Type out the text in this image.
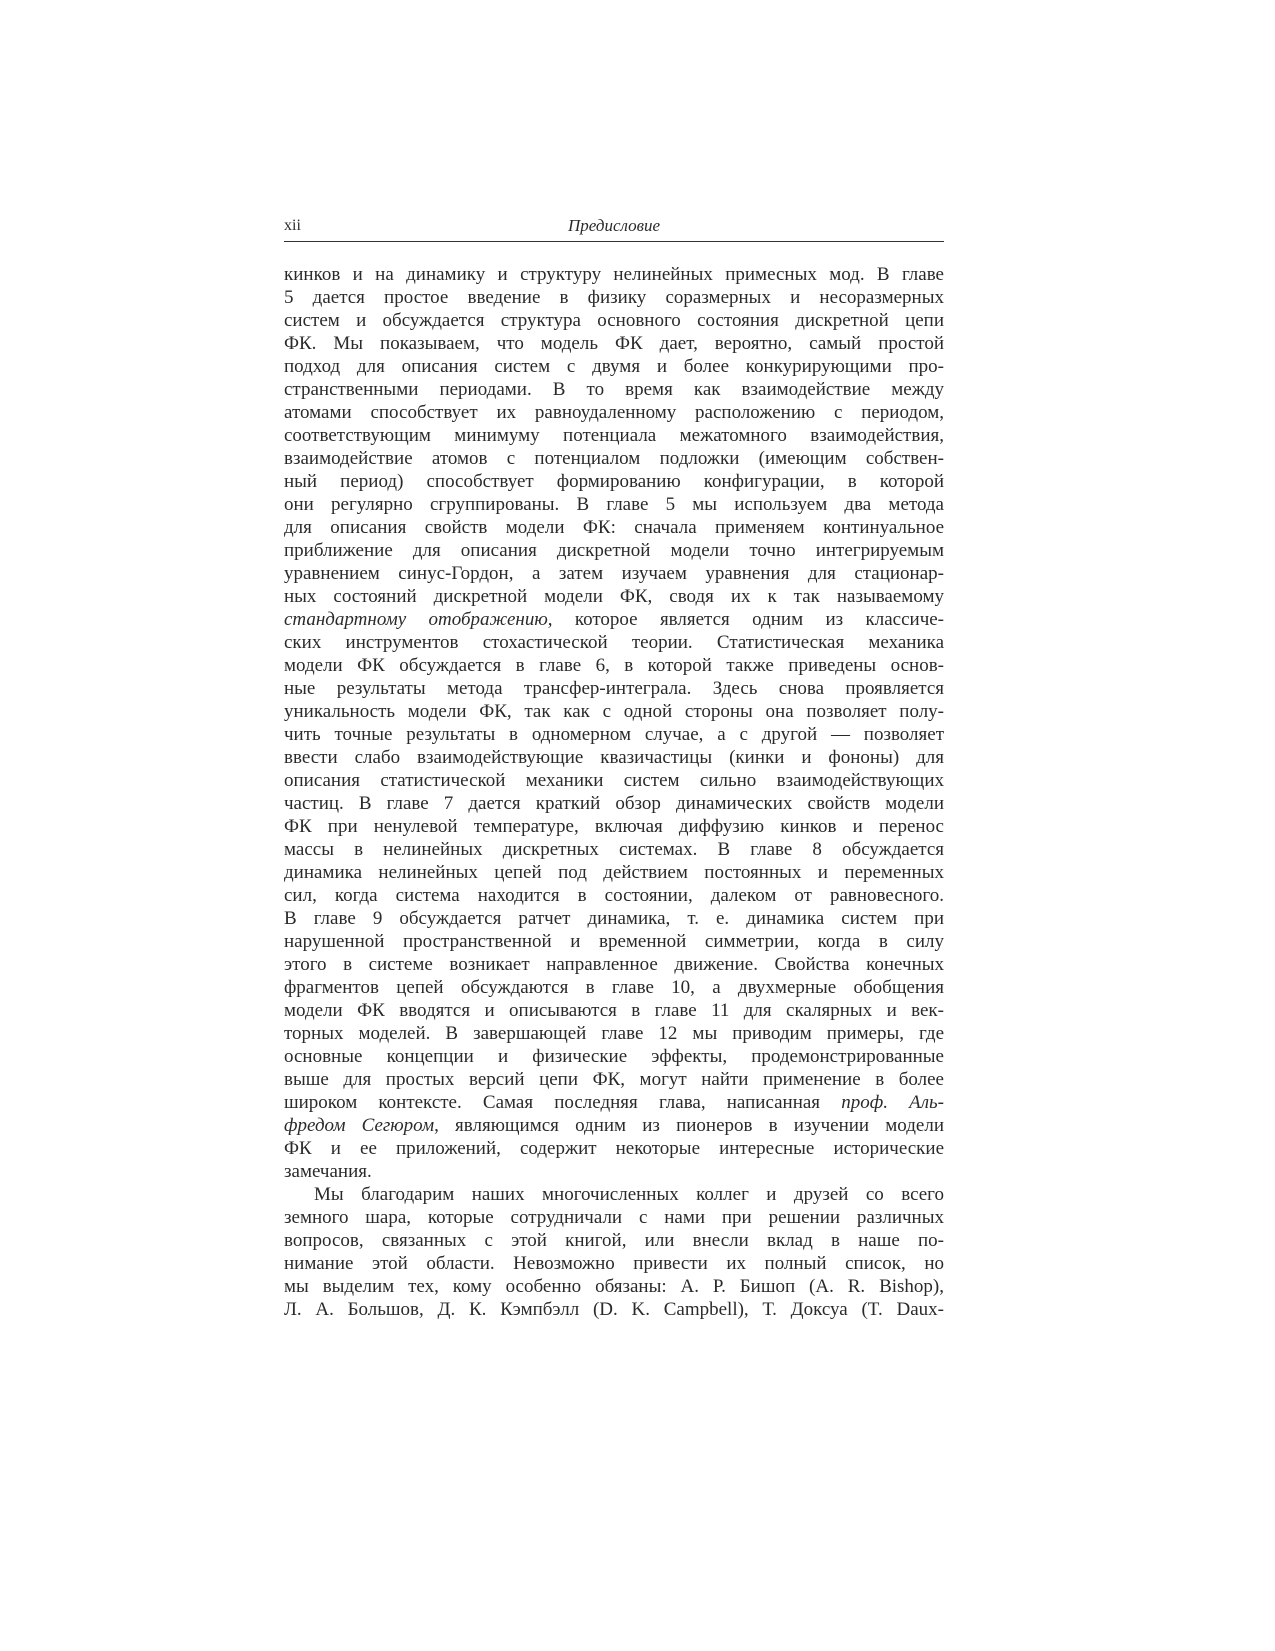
xii	Предисловие
кинков и на динамику и структуру нелинейных примесных мод. В главе
5 дается простое введение в физику соразмерных и несоразмерных
систем и обсуждается структура основного состояния дискретной цепи
ФК. Мы показываем, что модель ФК дает, вероятно, самый простой
подход для описания систем с двумя и более конкурирующими про-
странственными периодами. В то время как взаимодействие между
атомами способствует их равноудаленному расположению с периодом,
соответствующим минимуму потенциала межатомного взаимодействия,
взаимодействие атомов с потенциалом подложки (имеющим собствен-
ный период) способствует формированию конфигурации, в которой
они регулярно сгруппированы. В главе 5 мы используем два метода
для описания свойств модели ФК: сначала применяем континуальное
приближение для описания дискретной модели точно интегрируемым
уравнением синус-Гордон, а затем изучаем уравнения для стационар-
ных состояний дискретной модели ФК, сводя их к так называемому
стандартному отображению, которое является одним из классиче-
ских инструментов стохастической теории. Статистическая механика
модели ФК обсуждается в главе 6, в которой также приведены основ-
ные результаты метода трансфер-интеграла. Здесь снова проявляется
уникальность модели ФК, так как с одной стороны она позволяет полу-
чить точные результаты в одномерном случае, а с другой — позволяет
ввести слабо взаимодействующие квазичастицы (кинки и фононы) для
описания статистической механики систем сильно взаимодействующих
частиц. В главе 7 дается краткий обзор динамических свойств модели
ФК при ненулевой температуре, включая диффузию кинков и перенос
массы в нелинейных дискретных системах. В главе 8 обсуждается
динамика нелинейных цепей под действием постоянных и переменных
сил, когда система находится в состоянии, далеком от равновесного.
В главе 9 обсуждается ратчет динамика, т. е. динамика систем при
нарушенной пространственной и временной симметрии, когда в силу
этого в системе возникает направленное движение. Свойства конечных
фрагментов цепей обсуждаются в главе 10, а двухмерные обобщения
модели ФК вводятся и описываются в главе 11 для скалярных и век-
торных моделей. В завершающей главе 12 мы приводим примеры, где
основные концепции и физические эффекты, продемонстрированные
выше для простых версий цепи ФК, могут найти применение в более
широком контексте. Самая последняя глава, написанная проф. Аль-
фредом Сегюром, являющимся одним из пионеров в изучении модели
ФК и ее приложений, содержит некоторые интересные исторические
замечания.
Мы благодарим наших многочисленных коллег и друзей со всего
земного шара, которые сотрудничали с нами при решении различных
вопросов, связанных с этой книгой, или внесли вклад в наше по-
нимание этой области. Невозможно привести их полный список, но
мы выделим тех, кому особенно обязаны: А. Р. Бишоп (A. R. Bishop),
Л. А. Большов, Д. К. Кэмпбэлл (D. K. Campbell), Т. Доксуа (T. Daux-
